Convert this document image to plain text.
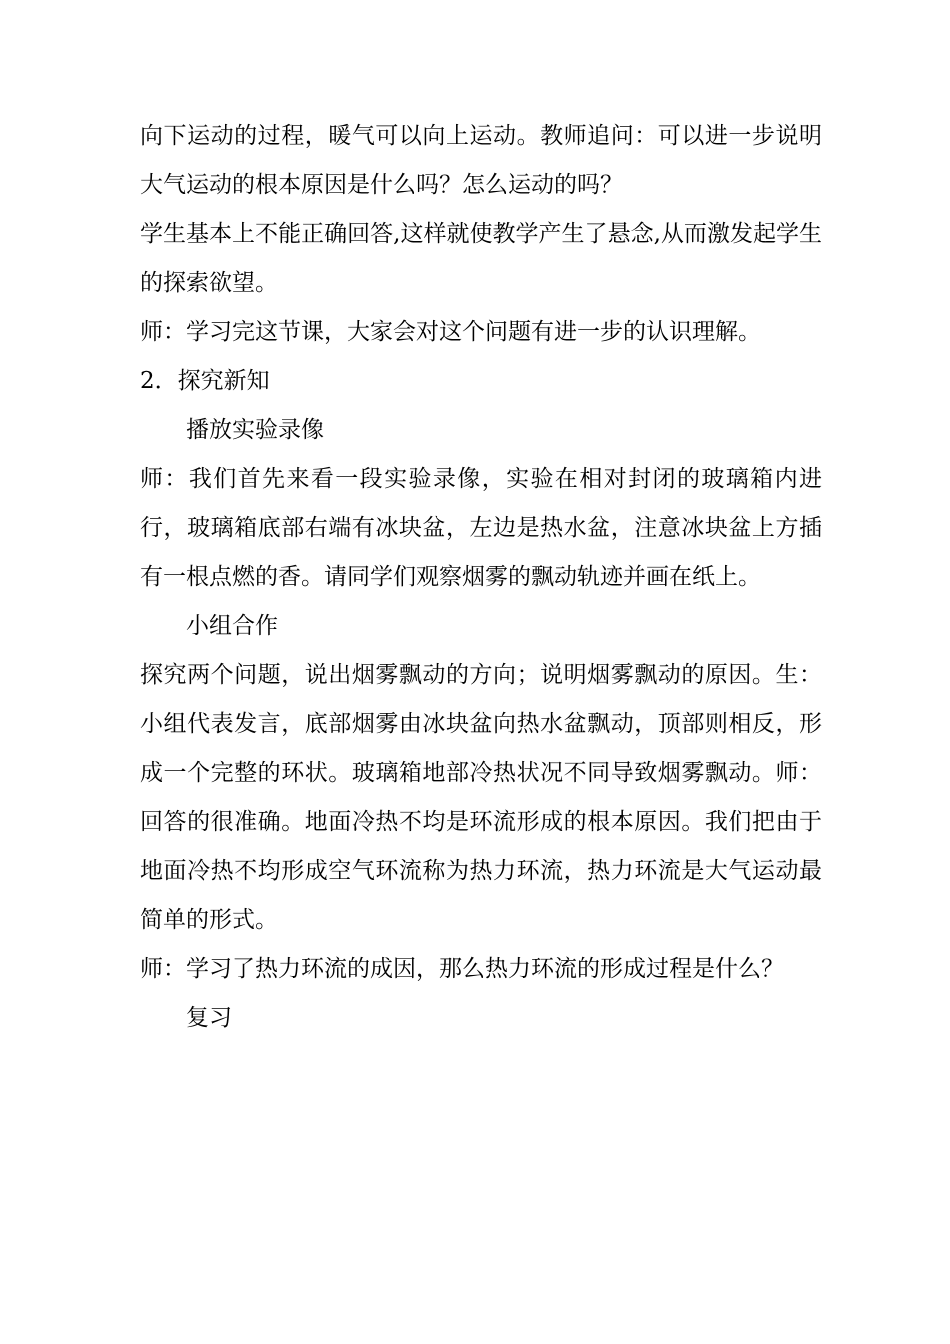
向下运动的过程，暖气可以向上运动。教师追问：可以进一步说明大气运动的根本原因是什么吗？怎么运动的吗？

学生基本上不能正确回答,这样就使教学产生了悬念,从而激发起学生的探索欲望。

师：学习完这节课，大家会对这个问题有进一步的认识理解。

2．探究新知

播放实验录像

师：我们首先来看一段实验录像，实验在相对封闭的玻璃箱内进行，玻璃箱底部右端有冰块盆，左边是热水盆，注意冰块盆上方插有一根点燃的香。请同学们观察烟雾的飘动轨迹并画在纸上。

小组合作

探究两个问题，说出烟雾飘动的方向；说明烟雾飘动的原因。生：小组代表发言，底部烟雾由冰块盆向热水盆飘动，顶部则相反，形成一个完整的环状。玻璃箱地部冷热状况不同导致烟雾飘动。师：回答的很准确。地面冷热不均是环流形成的根本原因。我们把由于地面冷热不均形成空气环流称为热力环流，热力环流是大气运动最简单的形式。

师：学习了热力环流的成因，那么热力环流的形成过程是什么？

复习
